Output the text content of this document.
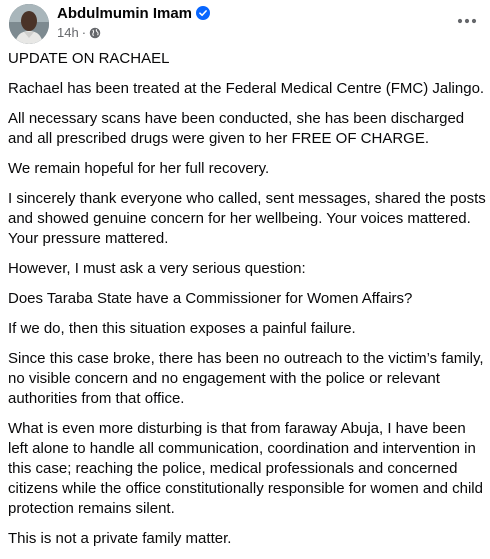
Abdulmumin Imam
14h ·

UPDATE ON RACHAEL

Rachael has been treated at the Federal Medical Centre (FMC) Jalingo.

All necessary scans have been conducted, she has been discharged and all prescribed drugs were given to her FREE OF CHARGE.

We remain hopeful for her full recovery.

I sincerely thank everyone who called, sent messages, shared the posts and showed genuine concern for her wellbeing. Your voices mattered. Your pressure mattered.

However, I must ask a very serious question:

Does Taraba State have a Commissioner for Women Affairs?

If we do, then this situation exposes a painful failure.

Since this case broke, there has been no outreach to the victim’s family, no visible concern and no engagement with the police or relevant authorities from that office.

What is even more disturbing is that from faraway Abuja, I have been left alone to handle all communication, coordination and intervention in this case; reaching the police, medical professionals and concerned citizens while the office constitutionally responsible for women and child protection remains silent.

This is not a private family matter.
